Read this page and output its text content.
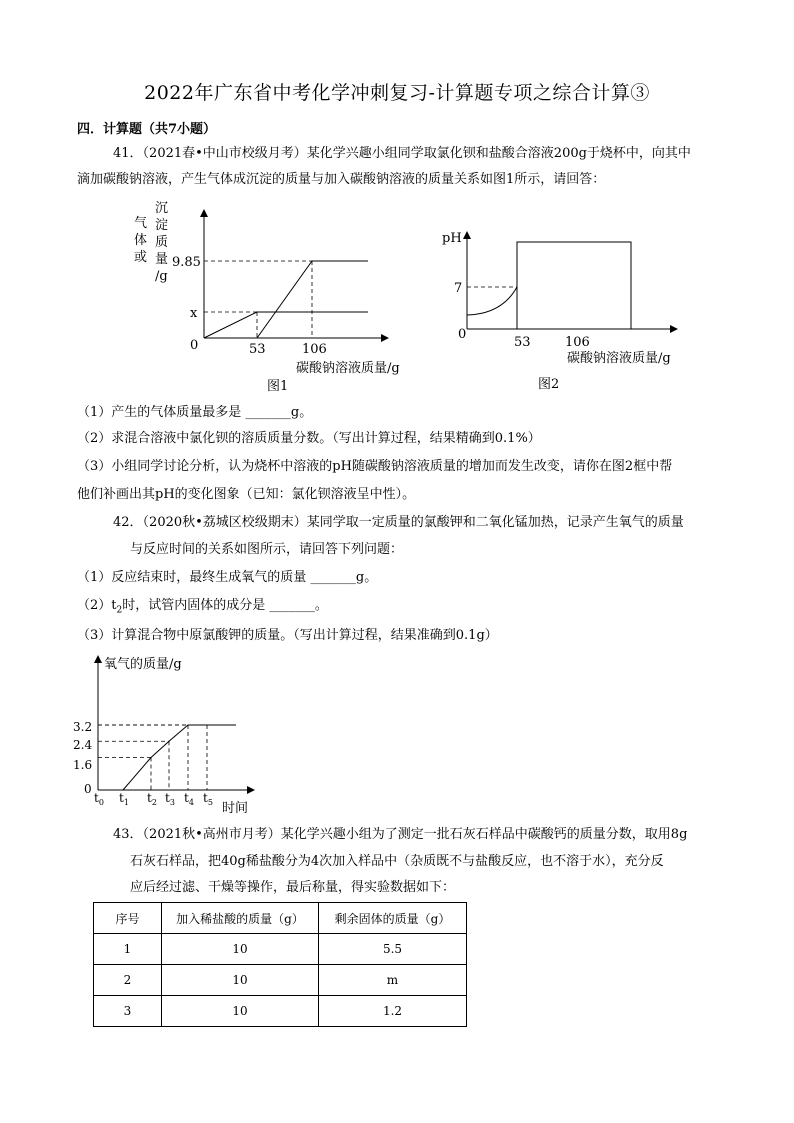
2022年广东省中考化学冲刺复习-计算题专项之综合计算③
四．计算题（共7小题）
41．（2021春•中山市校级月考）某化学兴趣小组同学取氯化钡和盐酸合溶液200g于烧杯中，向其中
滴加碳酸钠溶液，产生气体成沉淀的质量与加入碳酸钠溶液的质量关系如图1所示，请回答：
气
体
或
沉
淀
质
量
/g
9.85
x
0	53	106
碳酸钠溶液质量/g
图1
pH
7
0
53	106
碳酸钠溶液质量/g
图2
（1）产生的气体质量最多是 _______g。
（2）求混合溶液中氯化钡的溶质质量分数。（写出计算过程，结果精确到0.1%）
（3）小组同学讨论分析，认为烧杯中溶液的pH随碳酸钠溶液质量的增加而发生改变，请你在图2框中帮
他们补画出其pH的变化图象（已知：氯化钡溶液呈中性）。
42．（2020秋•荔城区校级期末）某同学取一定质量的氯酸钾和二氧化锰加热，记录产生氧气的质量
与反应时间的关系如图所示，请回答下列问题：
（1）反应结束时，最终生成氧气的质量 _______g。
$(2)t_2$时，试管内固体的成分是 _______。
（3）计算混合物中原氯酸钾的质量。（写出计算过程，结果准确到0.1g）
氧气的质量/g
3.2
2.4
1.6
0
$t_0$ $t_1$ $t_2$ $t_3$ $t_4$ $t_5$ 时间
43．（2021秋•高州市月考）某化学兴趣小组为了测定一批石灰石样品中碳酸钙的质量分数，取用8g
石灰石样品，把40g稀盐酸分为4次加入样品中（杂质既不与盐酸反应，也不溶于水），充分反
应后经过滤、干燥等操作，最后称量，得实验数据如下：
序号	加入稀盐酸的质量（g）	剩余固体的质量（g）
1	10	5.5
2	10	m
3	10	1.2
